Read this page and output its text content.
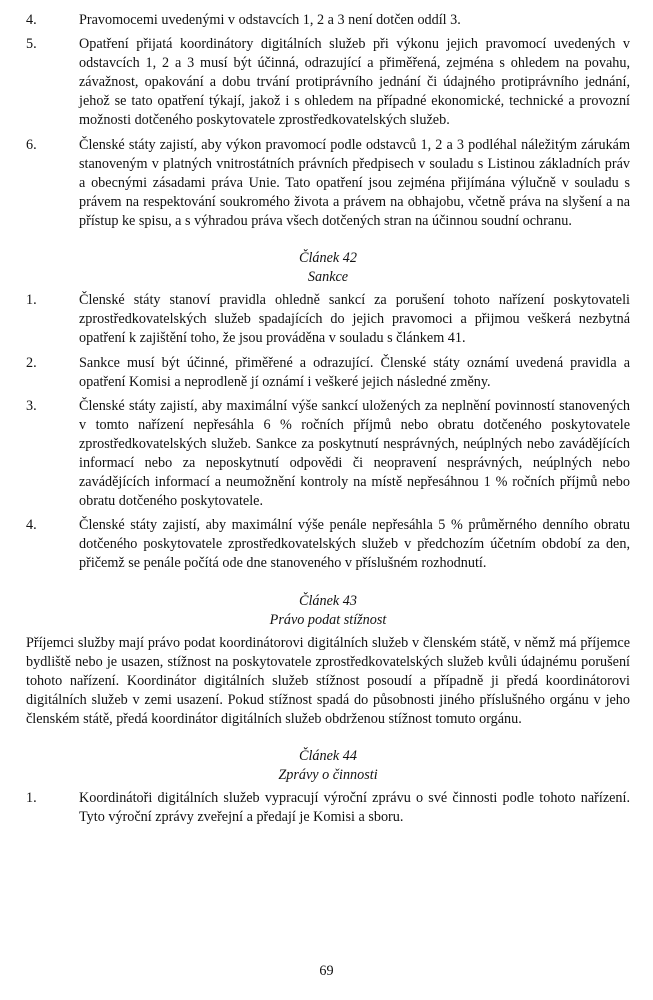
4.	Pravomocemi uvedenými v odstavcích 1, 2 a 3 není dotčen oddíl 3.
5.	Opatření přijatá koordinátory digitálních služeb při výkonu jejich pravomocí uvedených v odstavcích 1, 2 a 3 musí být účinná, odrazující a přiměřená, zejména s ohledem na povahu, závažnost, opakování a dobu trvání protiprávního jednání či údajného protiprávního jednání, jehož se tato opatření týkají, jakož i s ohledem na případné ekonomické, technické a provozní možnosti dotčeného poskytovatele zprostředkovatelských služeb.
6.	Členské státy zajistí, aby výkon pravomocí podle odstavců 1, 2 a 3 podléhal náležitým zárukám stanoveným v platných vnitrostátních právních předpisech v souladu s Listinou základních práv a obecnými zásadami práva Unie. Tato opatření jsou zejména přijímána výlučně v souladu s právem na respektování soukromého života a právem na obhajobu, včetně práva na slyšení a na přístup ke spisu, a s výhradou práva všech dotčených stran na účinnou soudní ochranu.
Článek 42
Sankce
1.	Členské státy stanoví pravidla ohledně sankcí za porušení tohoto nařízení poskytovateli zprostředkovatelských služeb spadajících do jejich pravomoci a přijmou veškerá nezbytná opatření k zajištění toho, že jsou prováděna v souladu s článkem 41.
2.	Sankce musí být účinné, přiměřené a odrazující. Členské státy oznámí uvedená pravidla a opatření Komisi a neprodleně jí oznámí i veškeré jejich následné změny.
3.	Členské státy zajistí, aby maximální výše sankcí uložených za neplnění povinností stanovených v tomto nařízení nepřesáhla 6 % ročních příjmů nebo obratu dotčeného poskytovatele zprostředkovatelských služeb. Sankce za poskytnutí nesprávných, neúplných nebo zavádějících informací nebo za neposkytnutí odpovědi či neopravení nesprávných, neúplných nebo zavádějících informací a neumožnění kontroly na místě nepřesáhnou 1 % ročních příjmů nebo obratu dotčeného poskytovatele.
4.	Členské státy zajistí, aby maximální výše penále nepřesáhla 5 % průměrného denního obratu dotčeného poskytovatele zprostředkovatelských služeb v předchozím účetním období za den, přičemž se penále počítá ode dne stanoveného v příslušném rozhodnutí.
Článek 43
Právo podat stížnost
Příjemci služby mají právo podat koordinátorovi digitálních služeb v členském státě, v němž má příjemce bydliště nebo je usazen, stížnost na poskytovatele zprostředkovatelských služeb kvůli údajnému porušení tohoto nařízení. Koordinátor digitálních služeb stížnost posoudí a případně ji předá koordinátorovi digitálních služeb v zemi usazení. Pokud stížnost spadá do působnosti jiného příslušného orgánu v jeho členském státě, předá koordinátor digitálních služeb obdrženou stížnost tomuto orgánu.
Článek 44
Zprávy o činnosti
1.	Koordinátoři digitálních služeb vypracují výroční zprávu o své činnosti podle tohoto nařízení. Tyto výroční zprávy zveřejní a předají je Komisi a sboru.
69
